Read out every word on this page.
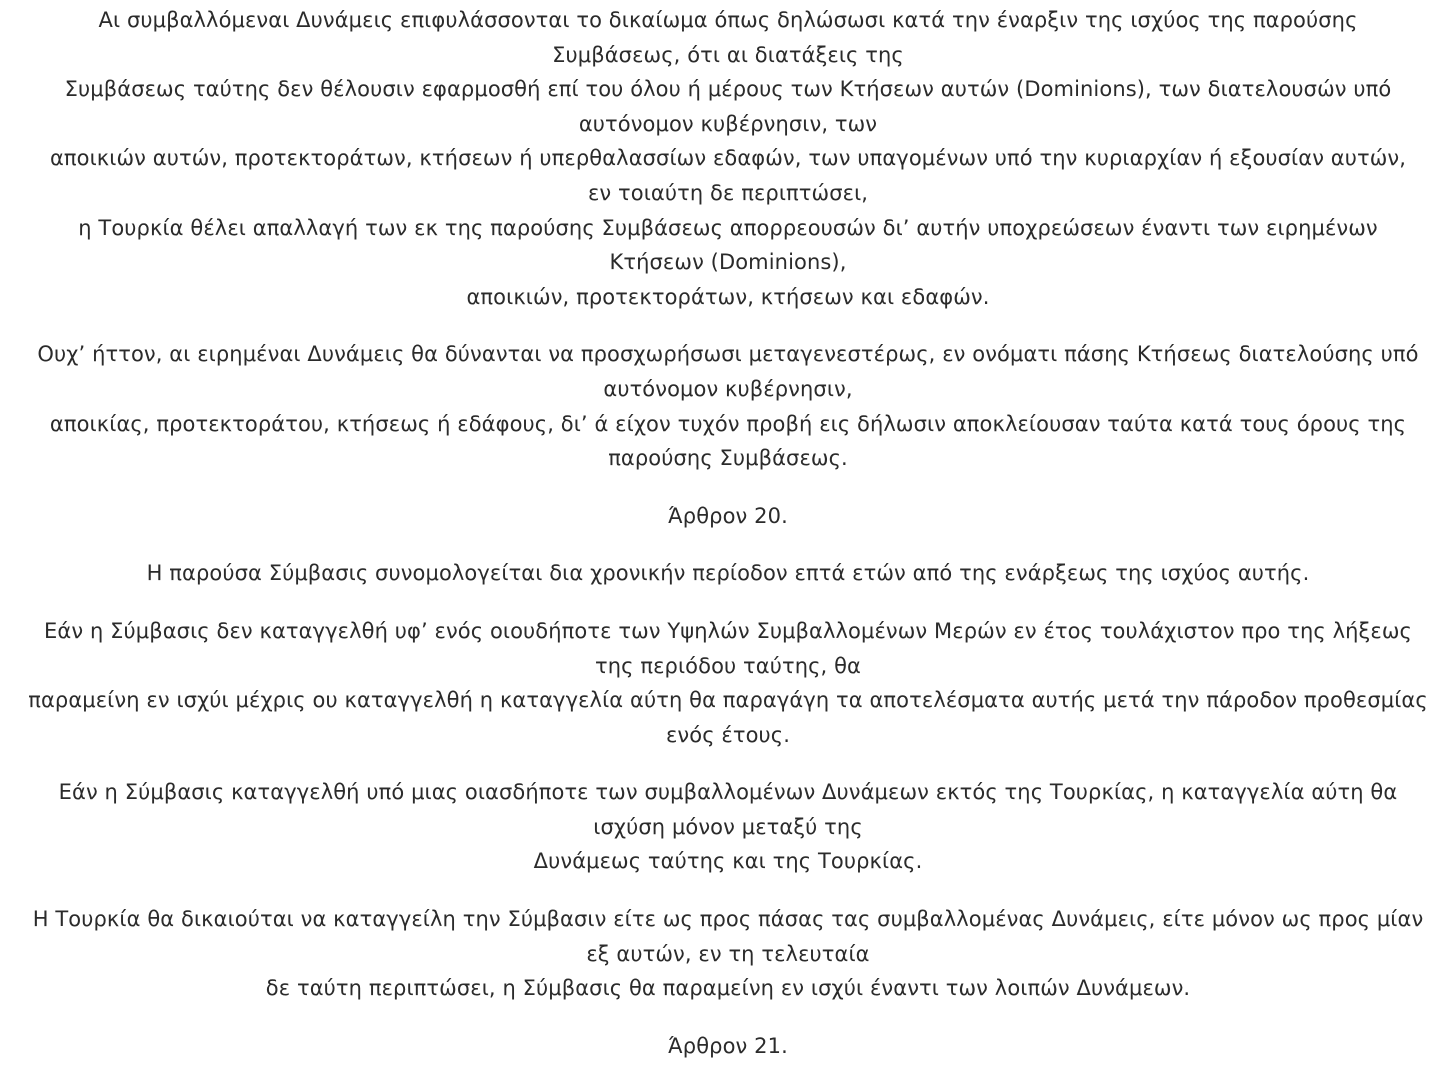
Αι συμβαλλόμεναι Δυνάμεις επιφυλάσσονται το δικαίωμα όπως δηλώσωσι κατά την έναρξιν της ισχύος της παρούσης
Συμβάσεως, ότι αι διατάξεις της
Συμβάσεως ταύτης δεν θέλουσιν εφαρμοσθή επί του όλου ή μέρους των Κτήσεων αυτών (Dominions), των διατελουσών υπό
αυτόνομον κυβέρνησιν, των
αποικιών αυτών, προτεκτοράτων, κτήσεων ή υπερθαλασσίων εδαφών, των υπαγομένων υπό την κυριαρχίαν ή εξουσίαν αυτών,
εν τοιαύτη δε περιπτώσει,
η Τουρκία θέλει απαλλαγή των εκ της παρούσης Συμβάσεως απορρεουσών δι’ αυτήν υποχρεώσεων έναντι των ειρημένων
Κτήσεων (Dominions),
αποικιών, προτεκτοράτων, κτήσεων και εδαφών.
Ουχ’ ήττον, αι ειρημέναι Δυνάμεις θα δύνανται να προσχωρήσωσι μεταγενεστέρως, εν ονόματι πάσης Κτήσεως διατελούσης υπό
αυτόνομον κυβέρνησιν,
αποικίας, προτεκτοράτου, κτήσεως ή εδάφους, δι’ ά είχον τυχόν προβή εις δήλωσιν αποκλείουσαν ταύτα κατά τους όρους της
παρούσης Συμβάσεως.
Άρθρον 20.
Η παρούσα Σύμβασις συνομολογείται δια χρονικήν περίοδον επτά ετών από της ενάρξεως της ισχύος αυτής.
Εάν η Σύμβασις δεν καταγγελθή υφ’ ενός οιουδήποτε των Υψηλών Συμβαλλομένων Μερών εν έτος τουλάχιστον προ της λήξεως
της περιόδου ταύτης, θα
παραμείνη εν ισχύι μέχρις ου καταγγελθή η καταγγελία αύτη θα παραγάγη τα αποτελέσματα αυτής μετά την πάροδον προθεσμίας
ενός έτους.
Εάν η Σύμβασις καταγγελθή υπό μιας οιασδήποτε των συμβαλλομένων Δυνάμεων εκτός της Τουρκίας, η καταγγελία αύτη θα
ισχύση μόνον μεταξύ της
Δυνάμεως ταύτης και της Τουρκίας.
Η Τουρκία θα δικαιούται να καταγγείλη την Σύμβασιν είτε ως προς πάσας τας συμβαλλομένας Δυνάμεις, είτε μόνον ως προς μίαν
εξ αυτών, εν τη τελευταία
δε ταύτη περιπτώσει, η Σύμβασις θα παραμείνη εν ισχύι έναντι των λοιπών Δυνάμεων.
Άρθρον 21.
